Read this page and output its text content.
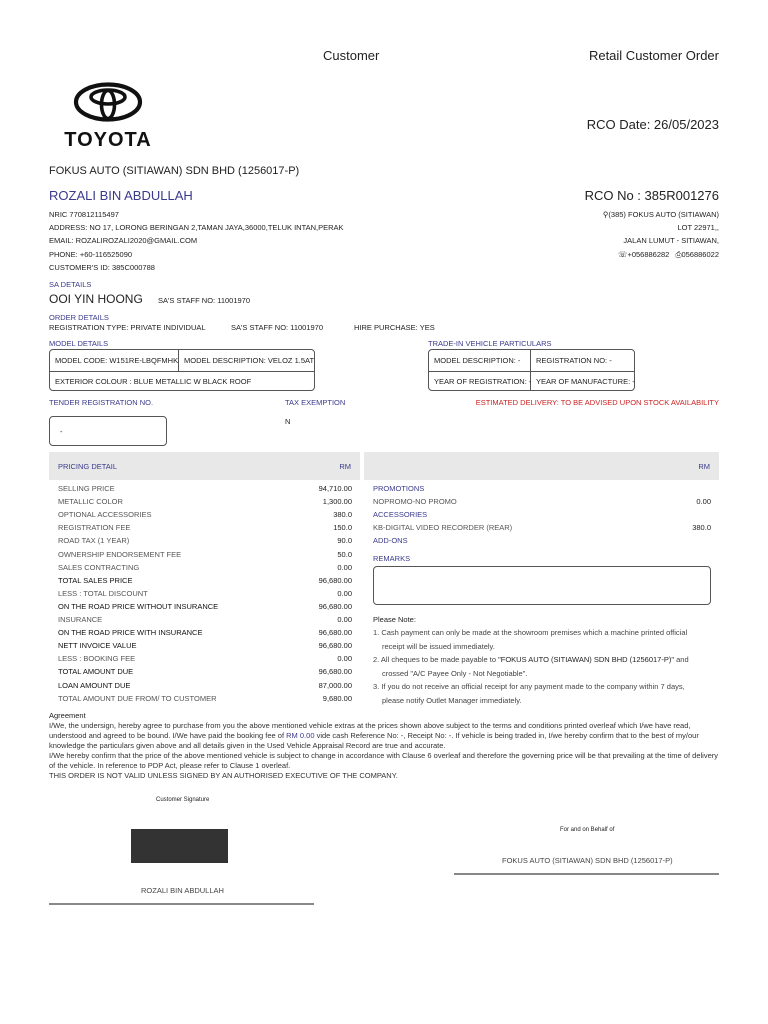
Customer	Retail Customer Order
TOYOTA
RCO Date: 26/05/2023
FOKUS AUTO (SITIAWAN) SDN BHD (1256017-P)
ROZALI BIN ABDULLAH	RCO No : 385R001276
NRIC 770812115497
ADDRESS: NO 17, LORONG BERINGAN 2,TAMAN JAYA,36000,TELUK INTAN,PERAK
EMAIL: ROZALIROZALI2020@GMAIL.COM
PHONE: +60-116525090
CUSTOMER'S ID: 385C000788
⚲(385) FOKUS AUTO (SITIAWAN)
LOT 22971,,
JALAN LUMUT - SITIAWAN,
☏+056886282 ⎙056886022
SA DETAILS
OOI YIN HOONG SA'S STAFF NO: 11001970
ORDER DETAILS
REGISTRATION TYPE: PRIVATE INDIVIDUAL	SA'S STAFF NO: 11001970	HIRE PURCHASE: YES
MODEL DETAILS
MODEL CODE: W151RE-LBQFMHK MODEL DESCRIPTION: VELOZ 1.5AT
EXTERIOR COLOUR : BLUE METALLIC W BLACK ROOF
TRADE-IN VEHICLE PARTICULARS
MODEL DESCRIPTION: -	REGISTRATION NO: -
YEAR OF REGISTRATION: - YEAR OF MANUFACTURE: -
TENDER REGISTRATION NO.	TAX EXEMPTION	ESTIMATED DELIVERY: TO BE ADVISED UPON STOCK AVAILABILITY
-
N
PRICING DETAIL	RM	RM
SELLING PRICE	94,710.00
METALLIC COLOR	1,300.00
OPTIONAL ACCESSORIES	380.0
REGISTRATION FEE	150.0
ROAD TAX (1 YEAR)	90.0
OWNERSHIP ENDORSEMENT FEE	50.0
SALES CONTRACTING	0.00
TOTAL SALES PRICE	96,680.00
LESS : TOTAL DISCOUNT	0.00
ON THE ROAD PRICE WITHOUT INSURANCE	96,680.00
INSURANCE	0.00
ON THE ROAD PRICE WITH INSURANCE	96,680.00
NETT INVOICE VALUE	96,680.00
LESS : BOOKING FEE	0.00
TOTAL AMOUNT DUE	96,680.00
LOAN AMOUNT DUE	87,000.00
TOTAL AMOUNT DUE FROM/ TO CUSTOMER	9,680.00
PROMOTIONS
NOPROMO-NO PROMO	0.00
ACCESSORIES
KB-DIGITAL VIDEO RECORDER (REAR)	380.0
ADD-ONS
REMARKS
Please Note:
1. Cash payment can only be made at the showroom premises which a machine printed official
receipt will be issued immediately.
2. All cheques to be made payable to "FOKUS AUTO (SITIAWAN) SDN BHD (1256017-P)" and
crossed "A/C Payee Only - Not Negotiable".
3. If you do not receive an official receipt for any payment made to the company within 7 days,
please notify Outlet Manager immediately.
Agreement
I/We, the undersign, hereby agree to purchase from you the above mentioned vehicle extras at the prices shown above subject to the terms and conditions printed overleaf which I/we have read, understood and agreed to be bound. I/We have paid the booking fee of RM 0.00 vide cash Reference No: -, Receipt No: -. If vehicle is being traded in, I/we hereby confirm that to the best of my/our knowledge the particulars given above and all details given in the Used Vehicle Appraisal Record are true and accurate.
I/We hereby confirm that the price of the above mentioned vehicle is subject to change in accordance with Clause 6 overleaf and therefore the governing price will be that prevailing at the time of delivery of the vehicle. In reference to PDP Act, please refer to Clause 1 overleaf.
THIS ORDER IS NOT VALID UNLESS SIGNED BY AN AUTHORISED EXECUTIVE OF THE COMPANY.
Customer Signature
ROZALI BIN ABDULLAH
For and on Behalf of
FOKUS AUTO (SITIAWAN) SDN BHD (1256017-P)
